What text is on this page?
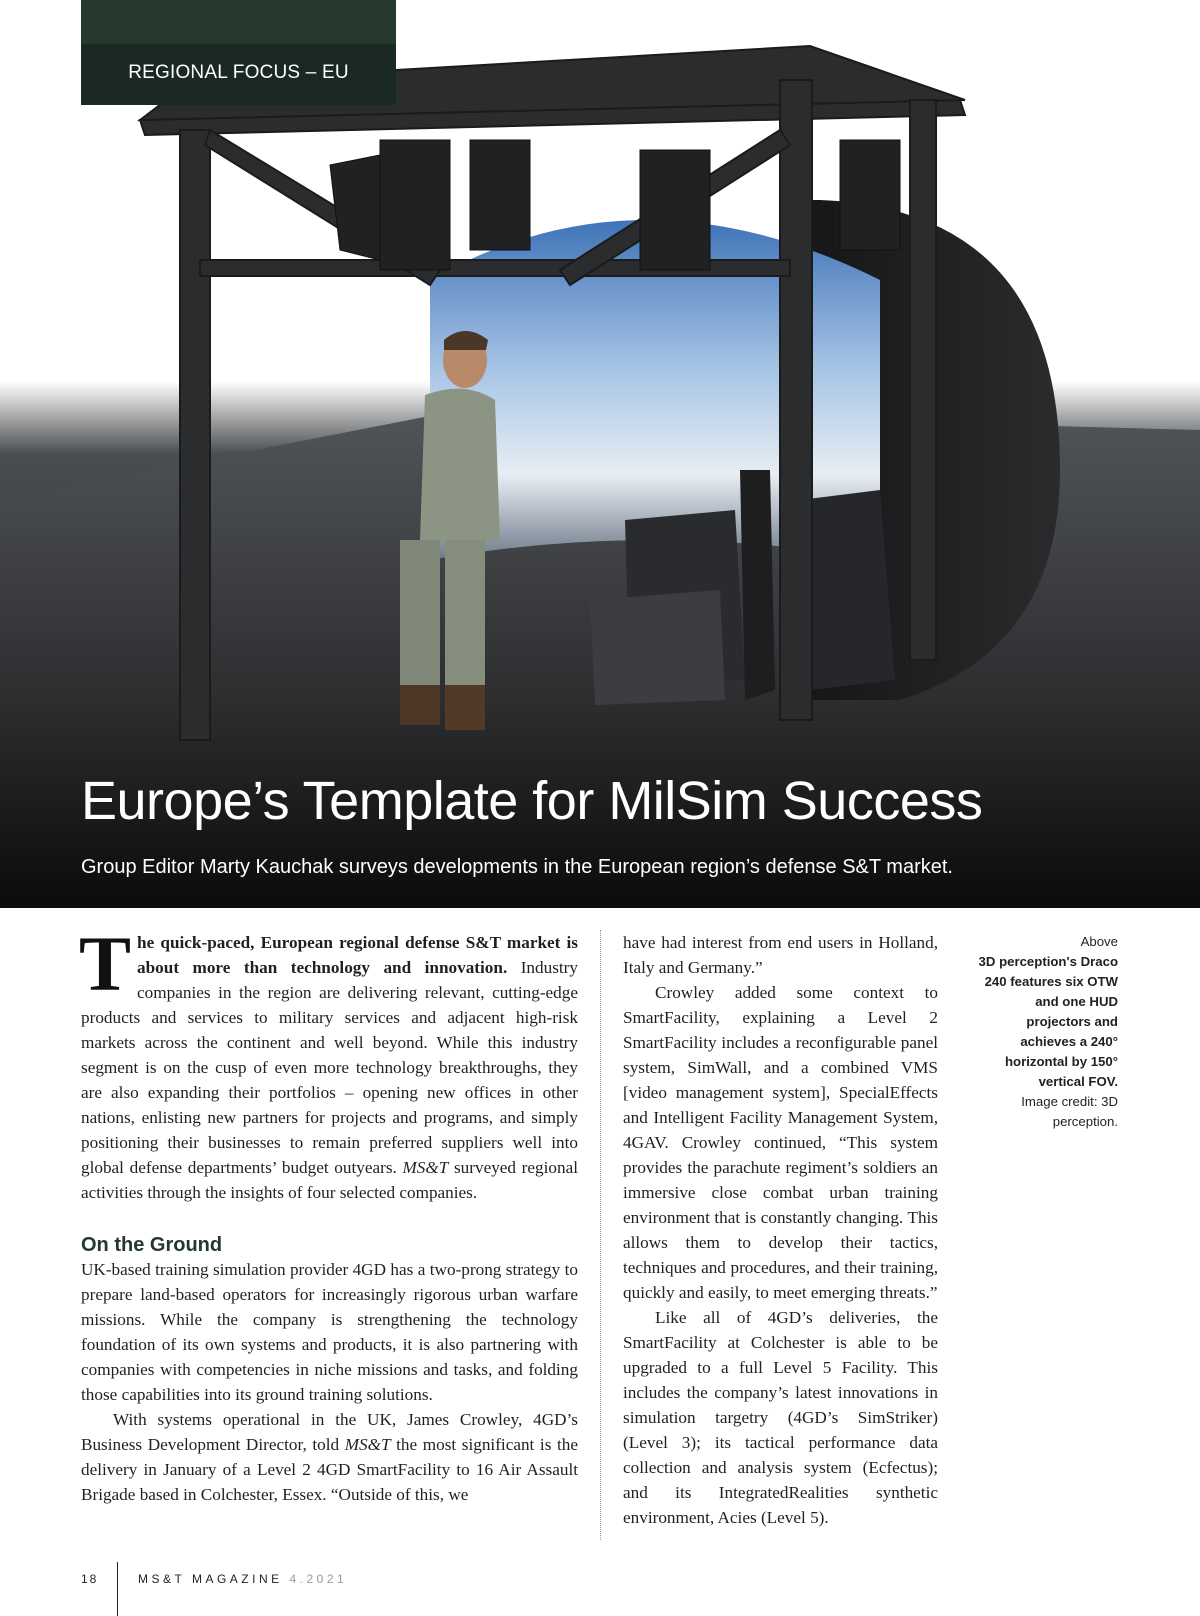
REGIONAL FOCUS – EU
Europe’s Template for MilSim Success

Group Editor Marty Kauchak surveys developments in the European region’s defense S&T market.

The quick-paced, European regional defense S&T market is about more than technology and innovation. Industry companies in the region are delivering relevant, cutting-edge products and services to military services and adjacent high-risk markets across the continent and well beyond. While this industry segment is on the cusp of even more technology breakthroughs, they are also expanding their portfolios – opening new offices in other nations, enlisting new partners for projects and programs, and simply positioning their businesses to remain preferred suppliers well into global defense departments’ budget outyears. MS&T surveyed regional activities through the insights of four selected companies.

On the Ground

UK-based training simulation provider 4GD has a two-prong strategy to prepare land-based operators for increasingly rigorous urban warfare missions. While the company is strengthening the technology foundation of its own systems and products, it is also partnering with companies with competencies in niche missions and tasks, and folding those capabilities into its ground training solutions.

With systems operational in the UK, James Crowley, 4GD’s Business Development Director, told MS&T the most significant is the delivery in January of a Level 2 4GD SmartFacility to 16 Air Assault Brigade based in Colchester, Essex. “Outside of this, we

have had interest from end users in Holland, Italy and Germany.”

Crowley added some context to SmartFacility, explaining a Level 2 SmartFacility includes a reconfigurable panel system, SimWall, and a combined VMS [video management system], SpecialEffects and Intelligent Facility Management System, 4GAV. Crowley continued, “This system provides the parachute regiment’s soldiers an immersive close combat urban training environment that is constantly changing. This allows them to develop their tactics, techniques and procedures, and their training, quickly and easily, to meet emerging threats.”

Like all of 4GD’s deliveries, the SmartFacility at Colchester is able to be upgraded to a full Level 5 Facility. This includes the company’s latest innovations in simulation targetry (4GD’s SimStriker) (Level 3); its tactical performance data collection and analysis system (Ecfectus); and its IntegratedRealities synthetic environment, Acies (Level 5).

Above
3D perception's Draco 240 features six OTW and one HUD projectors and achieves a 240° horizontal by 150° vertical FOV.
Image credit: 3D perception.
18	MS&T MAGAZINE 4.2021
